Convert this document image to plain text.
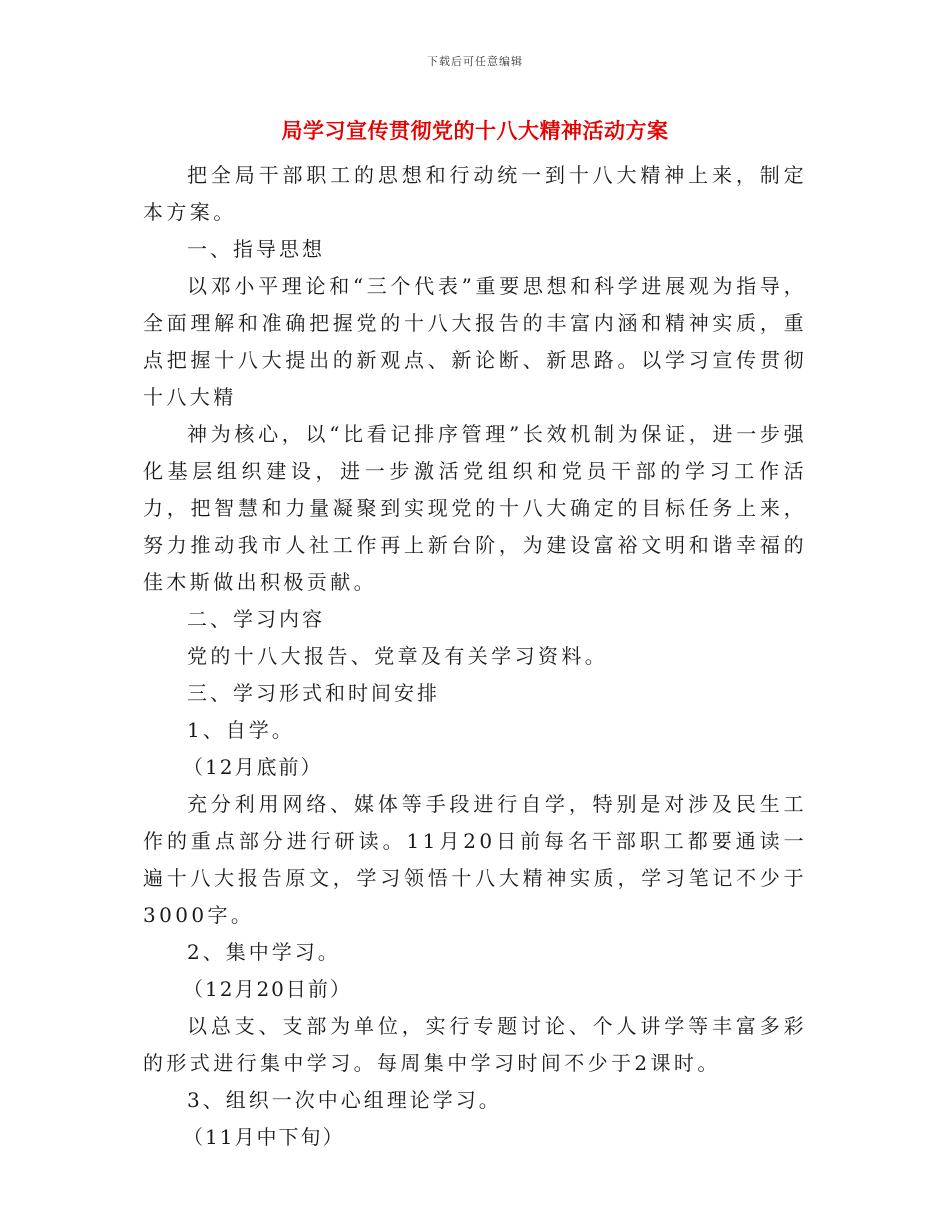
下载后可任意编辑
局学习宣传贯彻党的十八大精神活动方案

把全局干部职工的思想和行动统一到十八大精神上来，制定本方案。

一、指导思想

以邓小平理论和“三个代表”重要思想和科学进展观为指导，全面理解和准确把握党的十八大报告的丰富内涵和精神实质，重点把握十八大提出的新观点、新论断、新思路。以学习宣传贯彻十八大精

神为核心，以“比看记排序管理”长效机制为保证，进一步强化基层组织建设，进一步激活党组织和党员干部的学习工作活力，把智慧和力量凝聚到实现党的十八大确定的目标任务上来，努力推动我市人社工作再上新台阶，为建设富裕文明和谐幸福的佳木斯做出积极贡献。

二、学习内容

党的十八大报告、党章及有关学习资料。

三、学习形式和时间安排

1、自学。

（12月底前）

充分利用网络、媒体等手段进行自学，特别是对涉及民生工作的重点部分进行研读。11月20日前每名干部职工都要通读一遍十八大报告原文，学习领悟十八大精神实质，学习笔记不少于3000字。

2、集中学习。

（12月20日前）

以总支、支部为单位，实行专题讨论、个人讲学等丰富多彩的形式进行集中学习。每周集中学习时间不少于2课时。

3、组织一次中心组理论学习。

（11月中下旬）
